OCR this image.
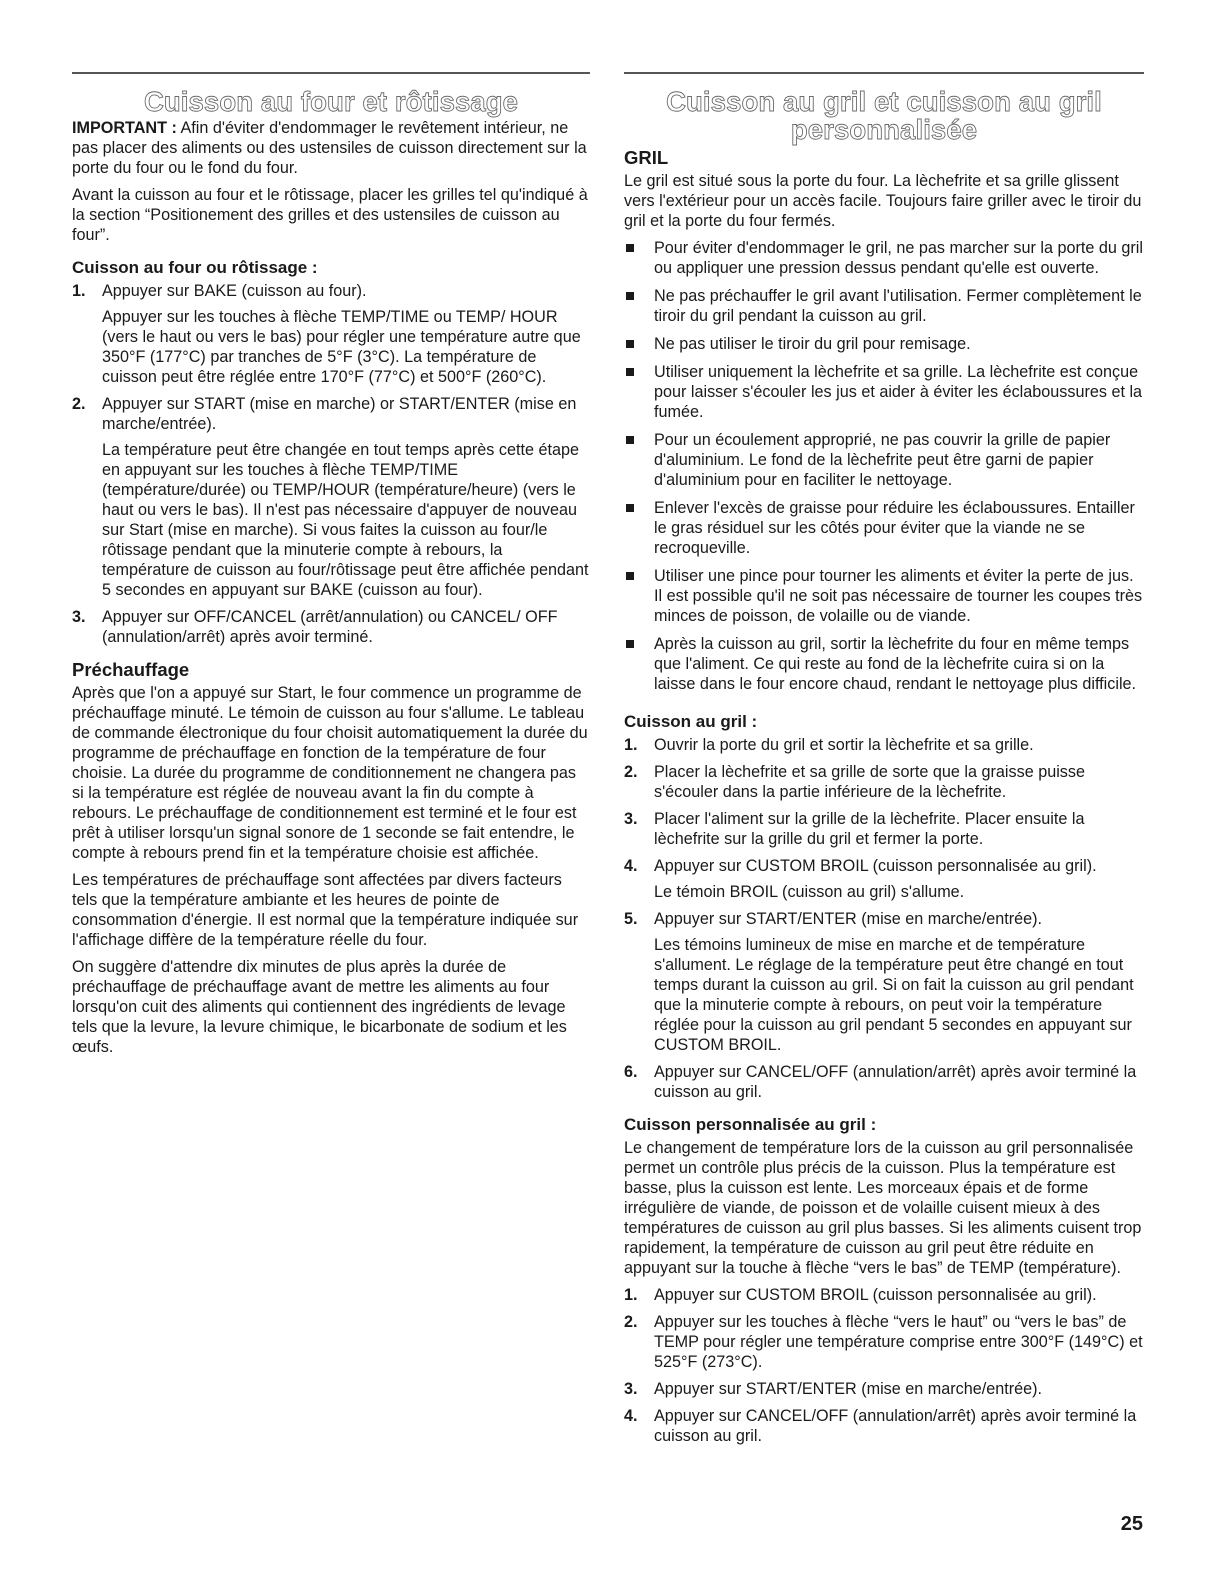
Cuisson au four et rôtissage

IMPORTANT : Afin d'éviter d'endommager le revêtement intérieur, ne pas placer des aliments ou des ustensiles de cuisson directement sur la porte du four ou le fond du four.

Avant la cuisson au four et le rôtissage, placer les grilles tel qu'indiqué à la section “Positionement des grilles et des ustensiles de cuisson au four”.

Cuisson au four ou rôtissage :
1. Appuyer sur BAKE (cuisson au four).

Appuyer sur les touches à flèche TEMP/TIME ou TEMP/ HOUR (vers le haut ou vers le bas) pour régler une température autre que 350°F (177°C) par tranches de 5°F (3°C). La température de cuisson peut être réglée entre 170°F (77°C) et 500°F (260°C).

2. Appuyer sur START (mise en marche) or START/ENTER (mise en marche/entrée).

La température peut être changée en tout temps après cette étape en appuyant sur les touches à flèche TEMP/TIME (température/durée) ou TEMP/HOUR (température/heure) (vers le haut ou vers le bas). Il n'est pas nécessaire d'appuyer de nouveau sur Start (mise en marche). Si vous faites la cuisson au four/le rôtissage pendant que la minuterie compte à rebours, la température de cuisson au four/rôtissage peut être affichée pendant 5 secondes en appuyant sur BAKE (cuisson au four).

3. Appuyer sur OFF/CANCEL (arrêt/annulation) ou CANCEL/ OFF (annulation/arrêt) après avoir terminé.

Préchauffage

Après que l'on a appuyé sur Start, le four commence un programme de préchauffage minuté. Le témoin de cuisson au four s'allume. Le tableau de commande électronique du four choisit automatiquement la durée du programme de préchauffage en fonction de la température de four choisie. La durée du programme de conditionnement ne changera pas si la température est réglée de nouveau avant la fin du compte à rebours. Le préchauffage de conditionnement est terminé et le four est prêt à utiliser lorsqu'un signal sonore de 1 seconde se fait entendre, le compte à rebours prend fin et la température choisie est affichée.

Les températures de préchauffage sont affectées par divers facteurs tels que la température ambiante et les heures de pointe de consommation d'énergie. Il est normal que la température indiquée sur l'affichage diffère de la température réelle du four.

On suggère d'attendre dix minutes de plus après la durée de préchauffage de préchauffage avant de mettre les aliments au four lorsqu'on cuit des aliments qui contiennent des ingrédients de levage tels que la levure, la levure chimique, le bicarbonate de sodium et les œufs.

Cuisson au gril et cuisson au gril personnalisée
GRIL

Le gril est situé sous la porte du four. La lèchefrite et sa grille glissent vers l'extérieur pour un accès facile. Toujours faire griller avec le tiroir du gril et la porte du four fermés.

Pour éviter d'endommager le gril, ne pas marcher sur la porte du gril ou appliquer une pression dessus pendant qu'elle est ouverte.
Ne pas préchauffer le gril avant l'utilisation. Fermer complètement le tiroir du gril pendant la cuisson au gril.
Ne pas utiliser le tiroir du gril pour remisage.
Utiliser uniquement la lèchefrite et sa grille. La lèchefrite est conçue pour laisser s'écouler les jus et aider à éviter les éclaboussures et la fumée.
Pour un écoulement approprié, ne pas couvrir la grille de papier d'aluminium. Le fond de la lèchefrite peut être garni de papier d'aluminium pour en faciliter le nettoyage.
Enlever l'excès de graisse pour réduire les éclaboussures. Entailler le gras résiduel sur les côtés pour éviter que la viande ne se recroqueville.
Utiliser une pince pour tourner les aliments et éviter la perte de jus. Il est possible qu'il ne soit pas nécessaire de tourner les coupes très minces de poisson, de volaille ou de viande.
Après la cuisson au gril, sortir la lèchefrite du four en même temps que l'aliment. Ce qui reste au fond de la lèchefrite cuira si on la laisse dans le four encore chaud, rendant le nettoyage plus difficile.
Cuisson au gril :
1. Ouvrir la porte du gril et sortir la lèchefrite et sa grille.

2. Placer la lèchefrite et sa grille de sorte que la graisse puisse s'écouler dans la partie inférieure de la lèchefrite.

3. Placer l'aliment sur la grille de la lèchefrite. Placer ensuite la lèchefrite sur la grille du gril et fermer la porte.

4. Appuyer sur CUSTOM BROIL (cuisson personnalisée au gril).

Le témoin BROIL (cuisson au gril) s'allume.

5. Appuyer sur START/ENTER (mise en marche/entrée).

Les témoins lumineux de mise en marche et de température s'allument. Le réglage de la température peut être changé en tout temps durant la cuisson au gril. Si on fait la cuisson au gril pendant que la minuterie compte à rebours, on peut voir la température réglée pour la cuisson au gril pendant 5 secondes en appuyant sur CUSTOM BROIL.

6. Appuyer sur CANCEL/OFF (annulation/arrêt) après avoir terminé la cuisson au gril.

Cuisson personnalisée au gril :

Le changement de température lors de la cuisson au gril personnalisée permet un contrôle plus précis de la cuisson. Plus la température est basse, plus la cuisson est lente. Les morceaux épais et de forme irrégulière de viande, de poisson et de volaille cuisent mieux à des températures de cuisson au gril plus basses. Si les aliments cuisent trop rapidement, la température de cuisson au gril peut être réduite en appuyant sur la touche à flèche “vers le bas” de TEMP (température).

1. Appuyer sur CUSTOM BROIL (cuisson personnalisée au gril).

2. Appuyer sur les touches à flèche “vers le haut” ou “vers le bas” de TEMP pour régler une température comprise entre 300°F (149°C) et 525°F (273°C).

3. Appuyer sur START/ENTER (mise en marche/entrée).

4. Appuyer sur CANCEL/OFF (annulation/arrêt) après avoir terminé la cuisson au gril.

25
